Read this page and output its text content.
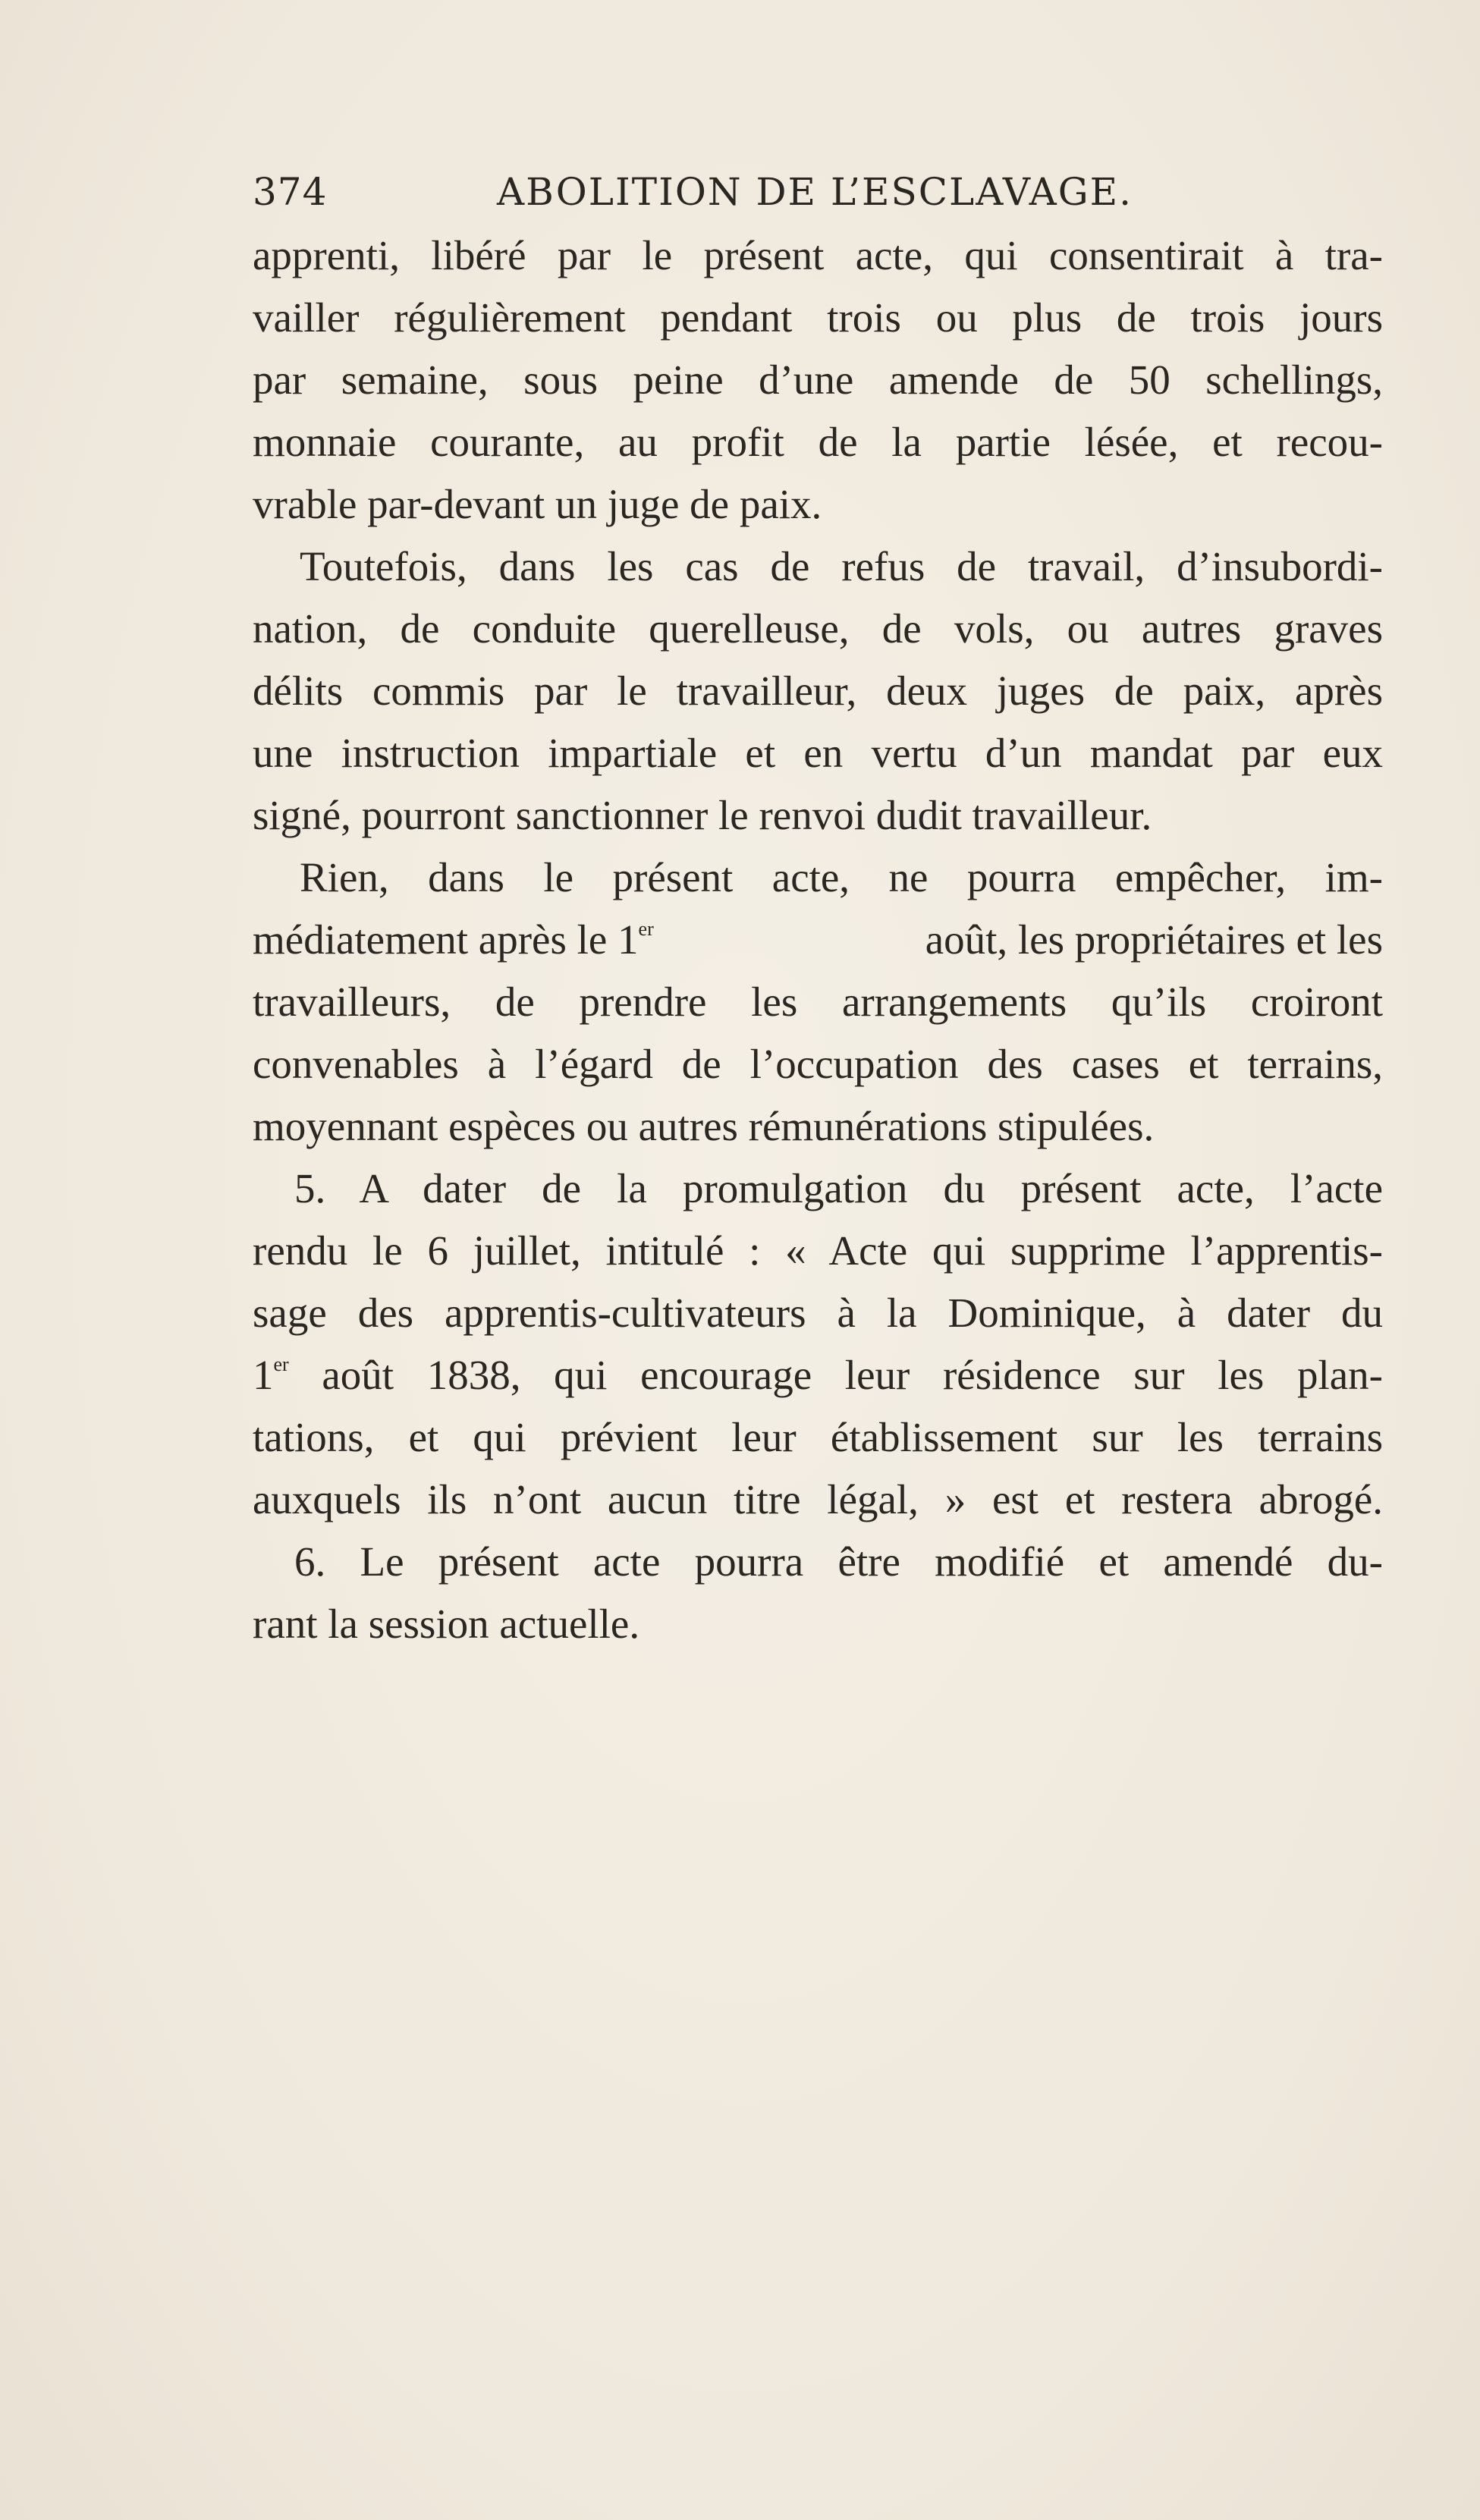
374	ABOLITION DE L’ESCLAVAGE.
apprenti, libéré par le présent acte, qui consentirait à tra-
vailler régulièrement pendant trois ou plus de trois jours
par semaine, sous peine d’une amende de 50 schellings,
monnaie courante, au profit de la partie lésée, et recou-
vrable par-devant un juge de paix.
Toutefois, dans les cas de refus de travail, d’insubordi-
nation, de conduite querelleuse, de vols, ou autres graves
délits commis par le travailleur, deux juges de paix, après
une instruction impartiale et en vertu d’un mandat par eux
signé, pourront sanctionner le renvoi dudit travailleur.
Rien, dans le présent acte, ne pourra empêcher, im-
médiatement après le 1er	août, les propriétaires et les
travailleurs, de prendre les arrangements qu’ils croiront
convenables à l’égard de l’occupation des cases et terrains,
moyennant espèces ou autres rémunérations stipulées.
5. A dater de la promulgation du présent acte, l’acte
rendu le 6 juillet, intitulé : « Acte qui supprime l’apprentis-
sage des apprentis-cultivateurs à la Dominique, à dater du
1er août 1838, qui encourage leur résidence sur les plan-
tations, et qui prévient leur établissement sur les terrains
auxquels ils n’ont aucun titre légal, » est et restera abrogé.
6. Le présent acte pourra être modifié et amendé du-
rant la session actuelle.
